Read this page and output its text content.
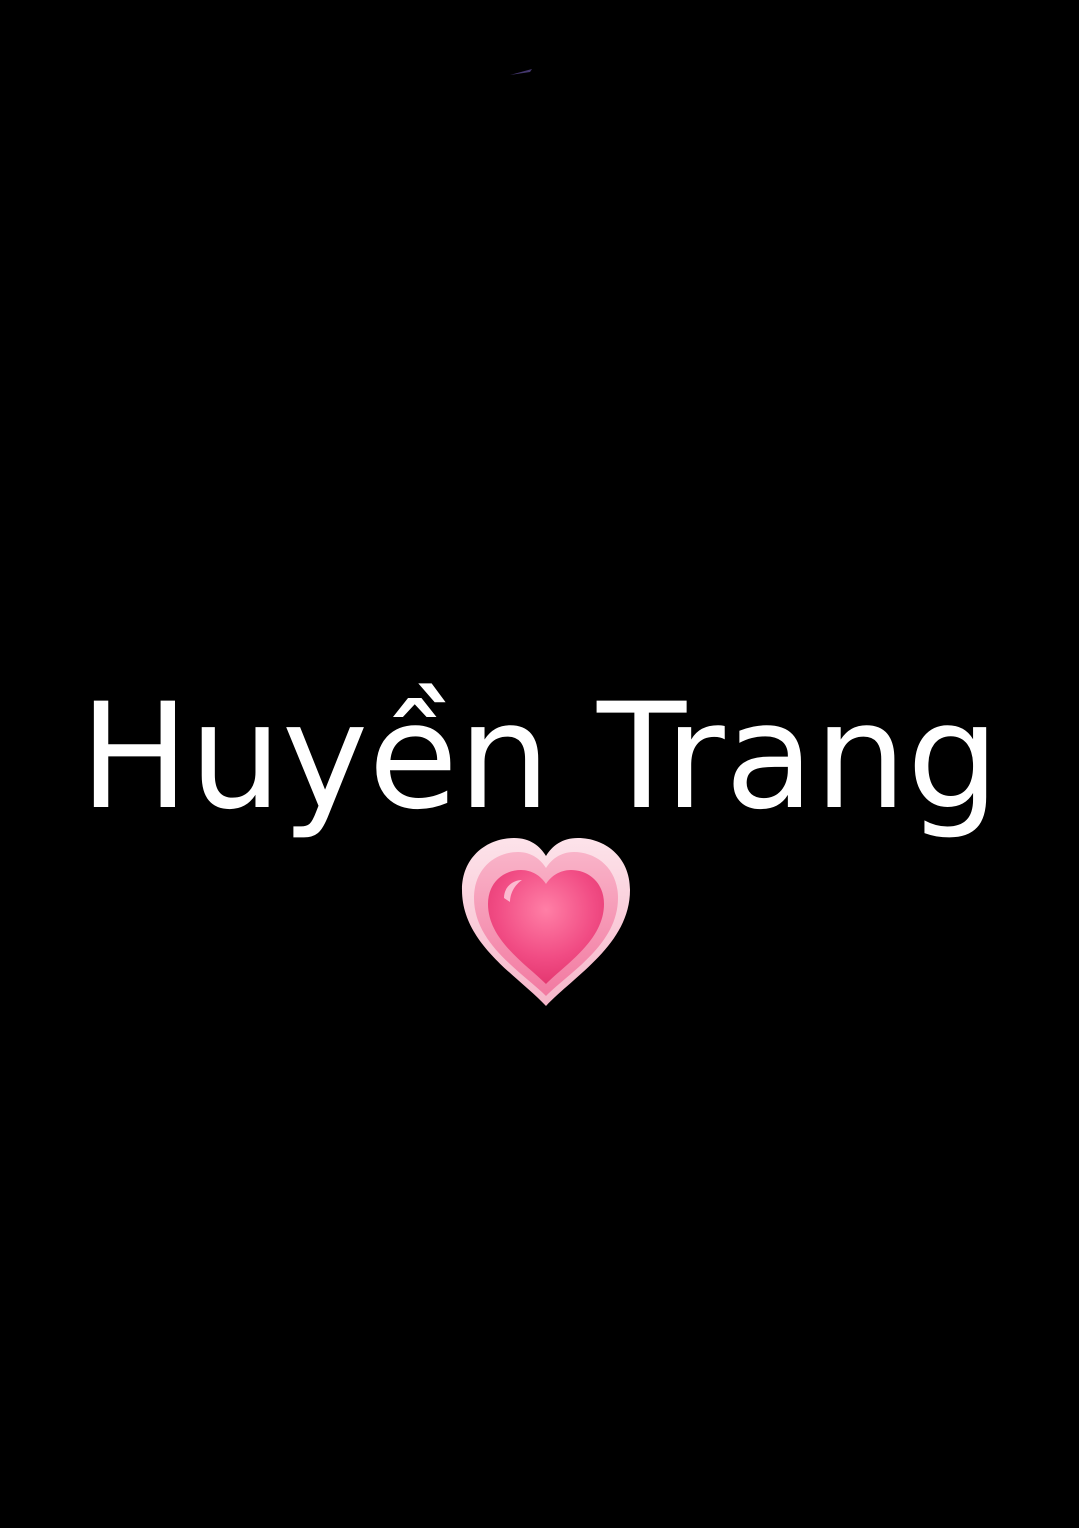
Huyền Trang
